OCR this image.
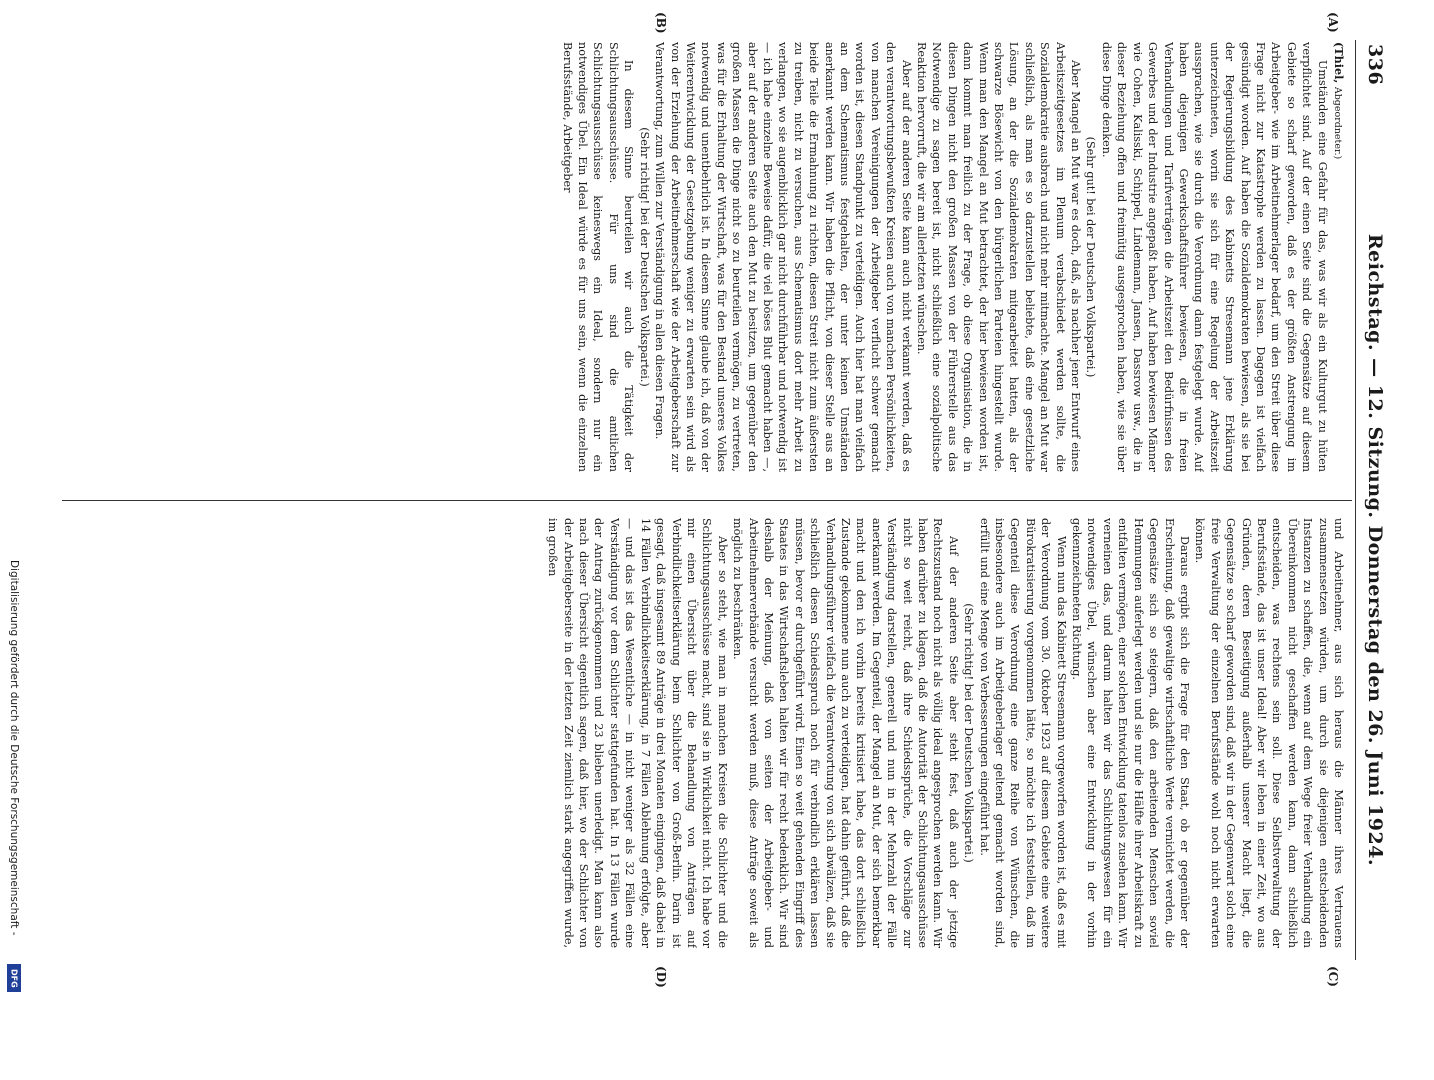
336
Reichstag. — 12. Sitzung. Donnerstag den 26. Juni 1924.
(A)
(B)
(C)
(D)

(Thiel, Abgeordneter.)

Umständen eine Gefahr für das, was wir als ein Kulturgut zu hüten verpflichtet sind. Auf der einen Seite sind die Gegensätze auf diesem Gebiete so scharf geworden, daß es der größten Anstrengung im Arbeitgeber- wie im Arbeitnehmerlager bedarf, um den Streit über diese Frage nicht zur Katastrophe werden zu lassen. Dagegen ist vielfach gesündigt worden. Auf haben die Sozialdemokraten bewiesen, als sie bei der Regierungsbildung des Kabinetts Stresemann jene Erklärung unterzeichneten, worin sie sich für eine Regelung der Arbeitszeit aussprachen, wie sie durch die Verordnung dann festgelegt wurde. Auf haben diejenigen Gewerkschaftsführer bewiesen, die in freien Verhandlungen und Tarifverträgen die Arbeitszeit den Bedürfnissen des Gewerbes und der Industrie angepaßt haben. Auf haben bewiesen Männer wie Cohen, Kalisski, Schippel, Lindemann, Jansen, Dassrow usw., die in dieser Beziehung offen und freimütig ausgesprochen haben, wie sie über diese Dinge denken.

(Sehr gut! bei der Deutschen Volkspartei.)

Aber Mangel an Mut war es doch, daß, als nachher jener Entwurf eines Arbeitszeitgesetzes im Plenum verabschiedet werden sollte, die Sozialdemokratie ausbrach und nicht mehr mitmachte. Mangel an Mut war schließlich, als man es so darzustellen beliebte, daß eine gesetzliche Lösung, an der die Sozialdemokraten mitgearbeitet hatten, als der schwarze Bösewicht von den bürgerlichen Parteien hingestellt wurde. Wenn man den Mangel an Mut betrachtet, der hier bewiesen worden ist, dann kommt man freilich zu der Frage, ob diese Organisation, die in diesen Dingen nicht den großen Massen von der Führerstelle aus das Notwendige zu sagen bereit ist, nicht schließlich eine sozialpolitische Reaktion hervorruft, die wir am allerletzten wünschen.

Aber auf der anderen Seite kann auch nicht verkannt werden, daß es den verantwortungsbewußten Kreisen auch von manchen Persönlichkeiten, von manchen Vereinigungen der Arbeitgeber verflucht schwer gemacht worden ist, diesen Standpunkt zu verteidigen. Auch hier hat man vielfach an dem Schematismus festgehalten, der unter keinen Umständen anerkannt werden kann. Wir haben die Pflicht, von dieser Stelle aus an beide Teile die Ermahnung zu richten, diesen Streit nicht zum äußersten zu treiben, nicht zu versuchen, aus Schematismus dort mehr Arbeit zu verlangen, wo sie augenblicklich gar nicht durchführbar und notwendig ist — ich habe einzelne Beweise dafür, die viel böses Blut gemacht haben —, aber auf der anderen Seite auch den Mut zu besitzen, um gegenüber den großen Massen die Dinge nicht so zu beurteilen vermögen, zu vertreten, was für die Erhaltung der Wirtschaft, was für den Bestand unseres Volkes notwendig und unentbehrlich ist. In diesem Sinne glaube ich, daß von der Weiterentwicklung der Gesetzgebung weniger zu erwarten sein wird als von der Erziehung der Arbeitnehmerschaft wie der Arbeitgeberschaft zur Verantwortung, zum Willen zur Verständigung in allen diesen Fragen.

(Sehr richtig! bei der Deutschen Volkspartei.)

In diesem Sinne beurteilen wir auch die Tätigkeit der Schlichtungsausschüsse. Für uns sind die amtlichen Schlichtungsausschüsse keineswegs ein Ideal, sondern nur ein notwendiges Übel. Ein Ideal würde es für uns sein, wenn die einzelnen Berufsstände, Arbeitgeber

und Arbeitnehmer, aus sich heraus die Männer ihres Vertrauens zusammensetzen würden, um durch sie diejenigen entscheidenden Instanzen zu schaffen, die, wenn auf dem Wege freier Verhandlung ein Übereinkommen nicht geschaffen werden kann, dann schließlich entscheiden, was rechtens sein soll. Diese Selbstverwaltung der Berufsstände, das ist unser Ideal! Aber wir leben in einer Zeit, wo aus Gründen, deren Beseitigung außerhalb unserer Macht liegt, die Gegensätze so scharf geworden sind, daß wir in der Gegenwart solch eine freie Verwaltung der einzelnen Berufsstände wohl noch nicht erwarten können.

Daraus ergibt sich die Frage für den Staat, ob er gegenüber der Erscheinung, daß gewaltige wirtschaftliche Werte vernichtet werden, die Gegensätze sich so steigern, daß den arbeitenden Menschen soviel Hemmungen auferlegt werden und sie nur die Hälfte ihrer Arbeitskraft zu entfalten vermögen, einer solchen Entwicklung tatenlos zusehen kann. Wir verneinen das, und darum halten wir das Schlichtungswesen für ein notwendiges Übel, wünschen aber eine Entwicklung in der vorhin gekennzeichneten Richtung.

Wenn nun das Kabinett Stresemann vorgeworfen worden ist, daß es mit der Verordnung vom 30. Oktober 1923 auf diesem Gebiete eine weitere Bürokratisierung vorgenommen hätte, so möchte ich feststellen, daß im Gegenteil diese Verordnung eine ganze Reihe von Wünschen, die insbesondere auch im Arbeitgeberlager geltend gemacht worden sind, erfüllt und eine Menge von Verbesserungen eingeführt hat.

(Sehr richtig! bei der Deutschen Volkspartei.)

Auf der anderen Seite aber steht fest, daß auch der jetzige Rechtszustand noch nicht als völlig ideal angesprochen werden kann. Wir haben darüber zu klagen, daß die Autorität der Schlichtungsausschüsse nicht so weit reicht, daß ihre Schiedssprüche, die Vorschläge zur Verständigung darstellen, generell und nun in der Mehrzahl der Fälle anerkannt werden. Im Gegenteil, der Mangel an Mut, der sich bemerkbar macht und den ich vorhin bereits kritisiert habe, das dort schließlich Zustande gekommene nun auch zu verteidigen, hat dahin geführt, daß die Verhandlungsführer vielfach die Verantwortung von sich abwälzen, daß sie schließlich diesen Schiedsspruch noch für verbindlich erklären lassen müssen, bevor er durchgeführt wird. Einen so weit gehenden Eingriff des Staates in das Wirtschaftsleben halten wir für recht bedenklich. Wir sind deshalb der Meinung, daß von seiten der Arbeitgeber- und Arbeitnehmerverbände versucht werden muß, diese Anträge soweit als möglich zu beschränken.

Aber so steht, wie man in manchen Kreisen die Schlichter und die Schlichtungsausschüsse macht, sind sie in Wirklichkeit nicht. Ich habe vor mir einen Übersicht über die Behandlung von Anträgen auf Verbindlichkeitserklärung beim Schlichter von Groß-Berlin. Darin ist gesagt, daß insgesamt 89 Anträge in drei Monaten eingingen, daß dabei in 14 Fällen Verbindlichkeitserklärung, in 7 Fällen Ablehnung erfolgte, aber — und das ist das Wesentliche — in nicht weniger als 32 Fällen eine Verständigung vor dem Schlichter stattgefunden hat. In 13 Fällen wurde der Antrag zurückgenommen und 23 blieben unerledigt. Man kann also nach dieser Übersicht eigentlich sagen, daß hier, wo der Schlichter von der Arbeitgeberseite in der letzten Zeit ziemlich stark angegriffen wurde, im großen

Digitalisierung gefördert durch die Deutsche Forschungsgemeinschaft -
DFG
